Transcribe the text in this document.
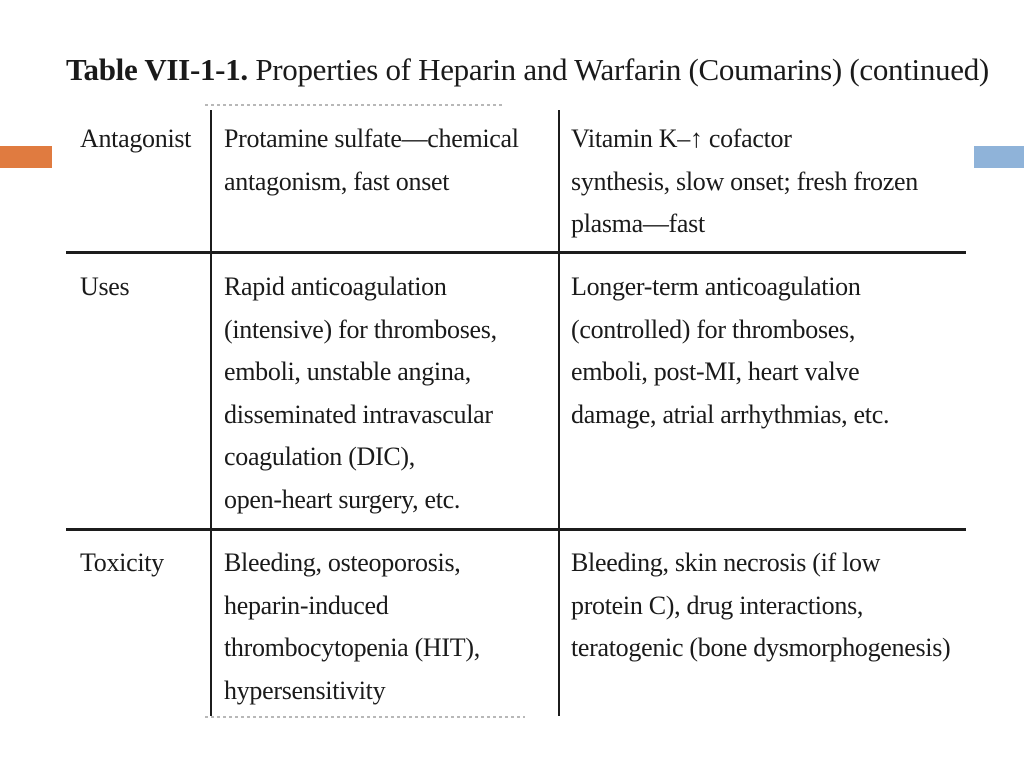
Table VII-1-1. Properties of Heparin and Warfarin (Coumarins) (continued)
Antagonist Protamine sulfate—chemical
antagonism, fast onset
Vitamin K–↑ cofactor
synthesis, slow onset; fresh frozen
plasma—fast
Uses	Rapid anticoagulation
(intensive) for thromboses,
emboli, unstable angina,
disseminated intravascular
coagulation (DIC),
open-heart surgery, etc.
Longer-term anticoagulation
(controlled) for thromboses,
emboli, post-MI, heart valve
damage, atrial arrhythmias, etc.
Toxicity Bleeding, osteoporosis,
heparin-induced
thrombocytopenia (HIT),
hypersensitivity
Bleeding, skin necrosis (if low
protein C), drug interactions,
teratogenic (bone dysmorphogenesis)
